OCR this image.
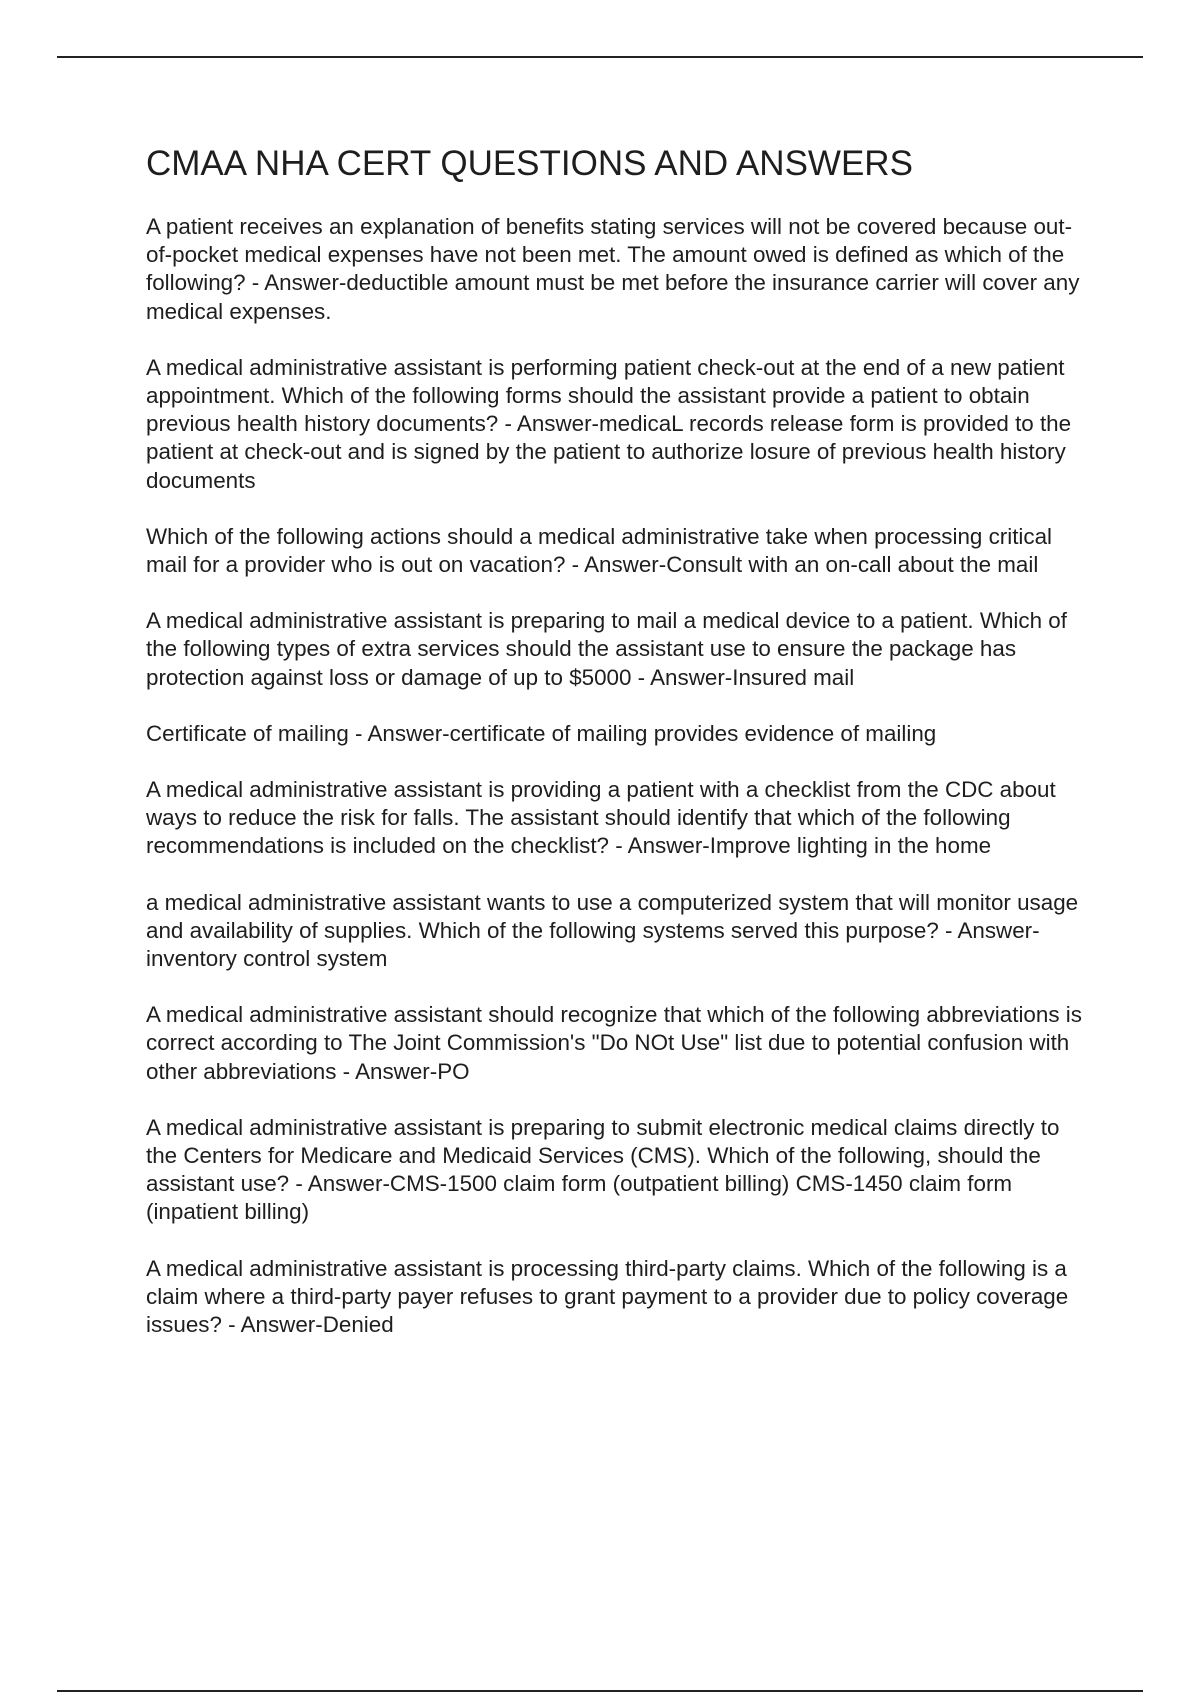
CMAA NHA CERT QUESTIONS AND ANSWERS

A patient receives an explanation of benefits stating services will not be covered because out-of-pocket medical expenses have not been met. The amount owed is defined as which of the following? - Answer-deductible amount must be met before the insurance carrier will cover any medical expenses.

A medical administrative assistant is performing patient check-out at the end of a new patient appointment. Which of the following forms should the assistant provide a patient to obtain previous health history documents? - Answer-medicaL records release form is provided to the patient at check-out and is signed by the patient to authorize losure of previous health history documents

Which of the following actions should a medical administrative take when processing critical mail for a provider who is out on vacation? - Answer-Consult with an on-call about the mail

A medical administrative assistant is preparing to mail a medical device to a patient. Which of the following types of extra services should the assistant use to ensure the package has protection against loss or damage of up to $5000 - Answer-Insured mail

Certificate of mailing - Answer-certificate of mailing provides evidence of mailing

A medical administrative assistant is providing a patient with a checklist from the CDC about ways to reduce the risk for falls. The assistant should identify that which of the following recommendations is included on the checklist? - Answer-Improve lighting in the home

a medical administrative assistant wants to use a computerized system that will monitor usage and availability of supplies. Which of the following systems served this purpose? - Answer-inventory control system

A medical administrative assistant should recognize that which of the following abbreviations is correct according to The Joint Commission's "Do NOt Use" list due to potential confusion with other abbreviations - Answer-PO

A medical administrative assistant is preparing to submit electronic medical claims directly to the Centers for Medicare and Medicaid Services (CMS). Which of the following, should the assistant use? - Answer-CMS-1500 claim form (outpatient billing) CMS-1450 claim form (inpatient billing)

A medical administrative assistant is processing third-party claims. Which of the following is a claim where a third-party payer refuses to grant payment to a provider due to policy coverage issues? - Answer-Denied
